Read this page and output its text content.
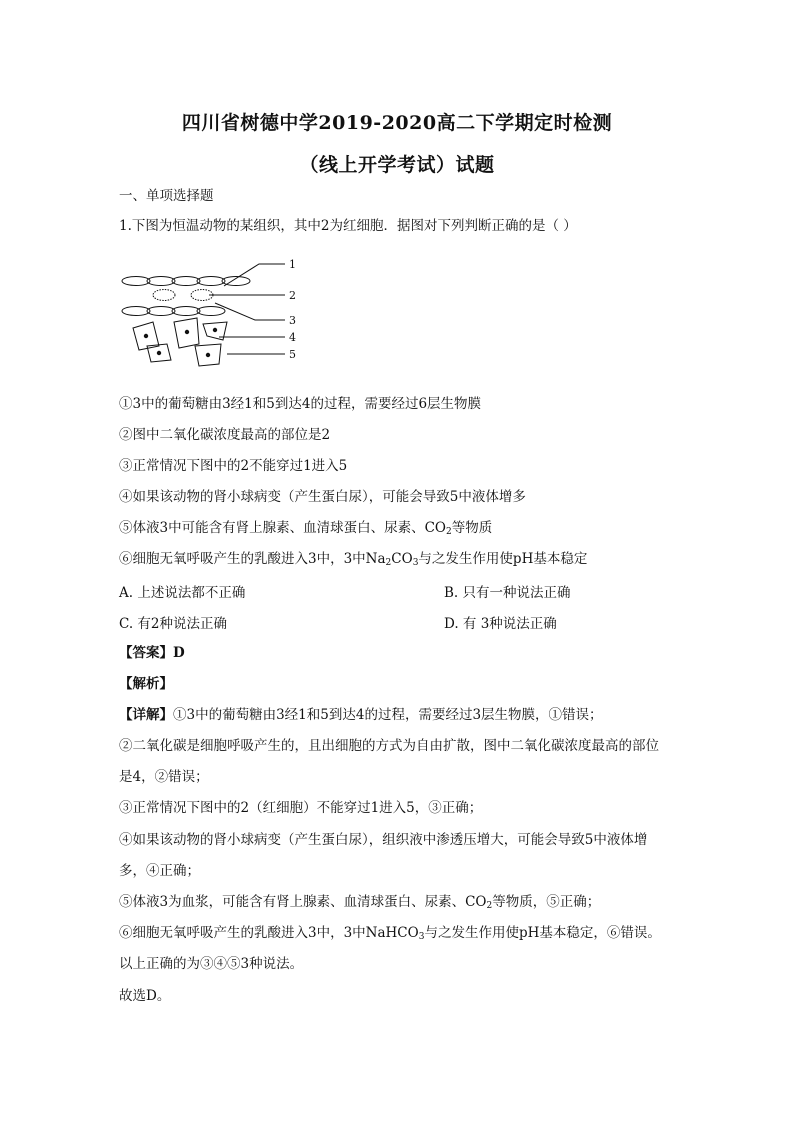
四川省树德中学2019-2020高二下学期定时检测
（线上开学考试）试题
一、单项选择题
1.下图为恒温动物的某组织，其中2为红细胞．据图对下列判断正确的是（ ）
1
2
3
4
5
①3中的葡萄糖由3经1和5到达4的过程，需要经过6层生物膜
②图中二氧化碳浓度最高的部位是2
③正常情况下图中的2不能穿过1进入5
④如果该动物的肾小球病变（产生蛋白尿），可能会导致5中液体增多
⑤体液3中可能含有肾上腺素、血清球蛋白、尿素、$CO_2$等物质
⑥细胞无氧呼吸产生的乳酸进入3中，3中$Na_2CO_3$与之发生作用使pH基本稳定
A. 上述说法都不正确	B. 只有一种说法正确
C. 有2种说法正确	D. 有 3种说法正确
【答案】D
【解析】
【详解】①3中的葡萄糖由3经1和5到达4的过程，需要经过3层生物膜，①错误；
②二氧化碳是细胞呼吸产生的，且出细胞的方式为自由扩散，图中二氧化碳浓度最高的部位
是4，②错误；
③正常情况下图中的2（红细胞）不能穿过1进入5，③正确；
④如果该动物的肾小球病变（产生蛋白尿），组织液中渗透压增大，可能会导致5中液体增
多，④正确；
⑤体液3为血浆，可能含有肾上腺素、血清球蛋白、尿素、$CO_2$等物质，⑤正确；
⑥细胞无氧呼吸产生的乳酸进入3中，3中NaHCO$_3$与之发生作用使pH基本稳定，⑥错误。
以上正确的为③④⑤3种说法。
故选D。
